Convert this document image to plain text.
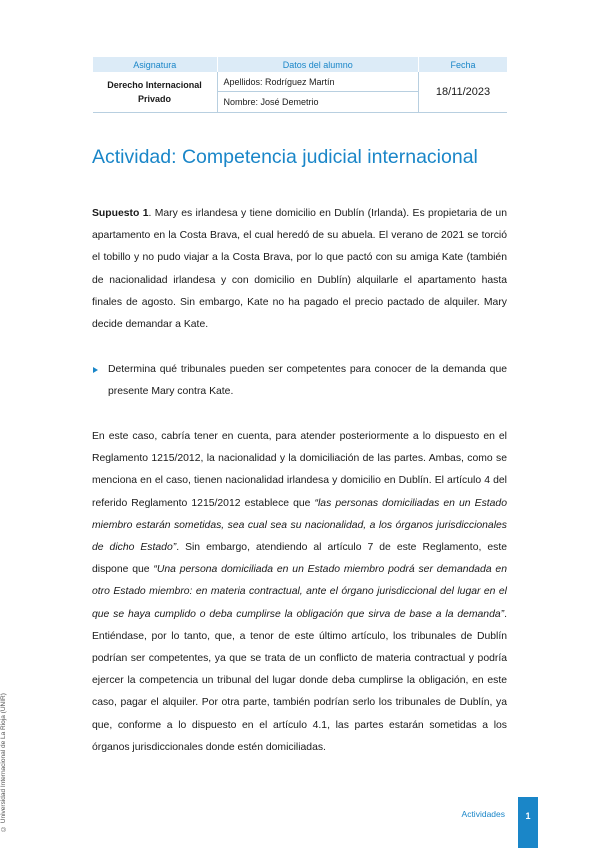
Asignatura	Datos del alumno	Fecha
Derecho Internacional Privado	Apellidos: Rodríguez Martín	18/11/2023
	Nombre: José Demetrio	
Actividad: Competencia judicial internacional

Supuesto 1. Mary es irlandesa y tiene domicilio en Dublín (Irlanda). Es propietaria de un apartamento en la Costa Brava, el cual heredó de su abuela. El verano de 2021 se torció el tobillo y no pudo viajar a la Costa Brava, por lo que pactó con su amiga Kate (también de nacionalidad irlandesa y con domicilio en Dublín) alquilarle el apartamento hasta finales de agosto. Sin embargo, Kate no ha pagado el precio pactado de alquiler. Mary decide demandar a Kate.

Determina qué tribunales pueden ser competentes para conocer de la demanda que presente Mary contra Kate.

En este caso, cabría tener en cuenta, para atender posteriormente a lo dispuesto en el Reglamento 1215/2012, la nacionalidad y la domiciliación de las partes. Ambas, como se menciona en el caso, tienen nacionalidad irlandesa y domicilio en Dublín. El artículo 4 del referido Reglamento 1215/2012 establece que “las personas domiciliadas en un Estado miembro estarán sometidas, sea cual sea su nacionalidad, a los órganos jurisdiccionales de dicho Estado”. Sin embargo, atendiendo al artículo 7 de este Reglamento, este dispone que “Una persona domiciliada en un Estado miembro podrá ser demandada en otro Estado miembro: en materia contractual, ante el órgano jurisdiccional del lugar en el que se haya cumplido o deba cumplirse la obligación que sirva de base a la demanda”. Entiéndase, por lo tanto, que, a tenor de este último artículo, los tribunales de Dublín podrían ser competentes, ya que se trata de un conflicto de materia contractual y podría ejercer la competencia un tribunal del lugar donde deba cumplirse la obligación, en este caso, pagar el alquiler. Por otra parte, también podrían serlo los tribunales de Dublín, ya que, conforme a lo dispuesto en el artículo 4.1, las partes estarán sometidas a los órganos jurisdiccionales donde estén domiciliadas.

© Universidad Internacional de La Rioja (UNIR)	Actividades	1
